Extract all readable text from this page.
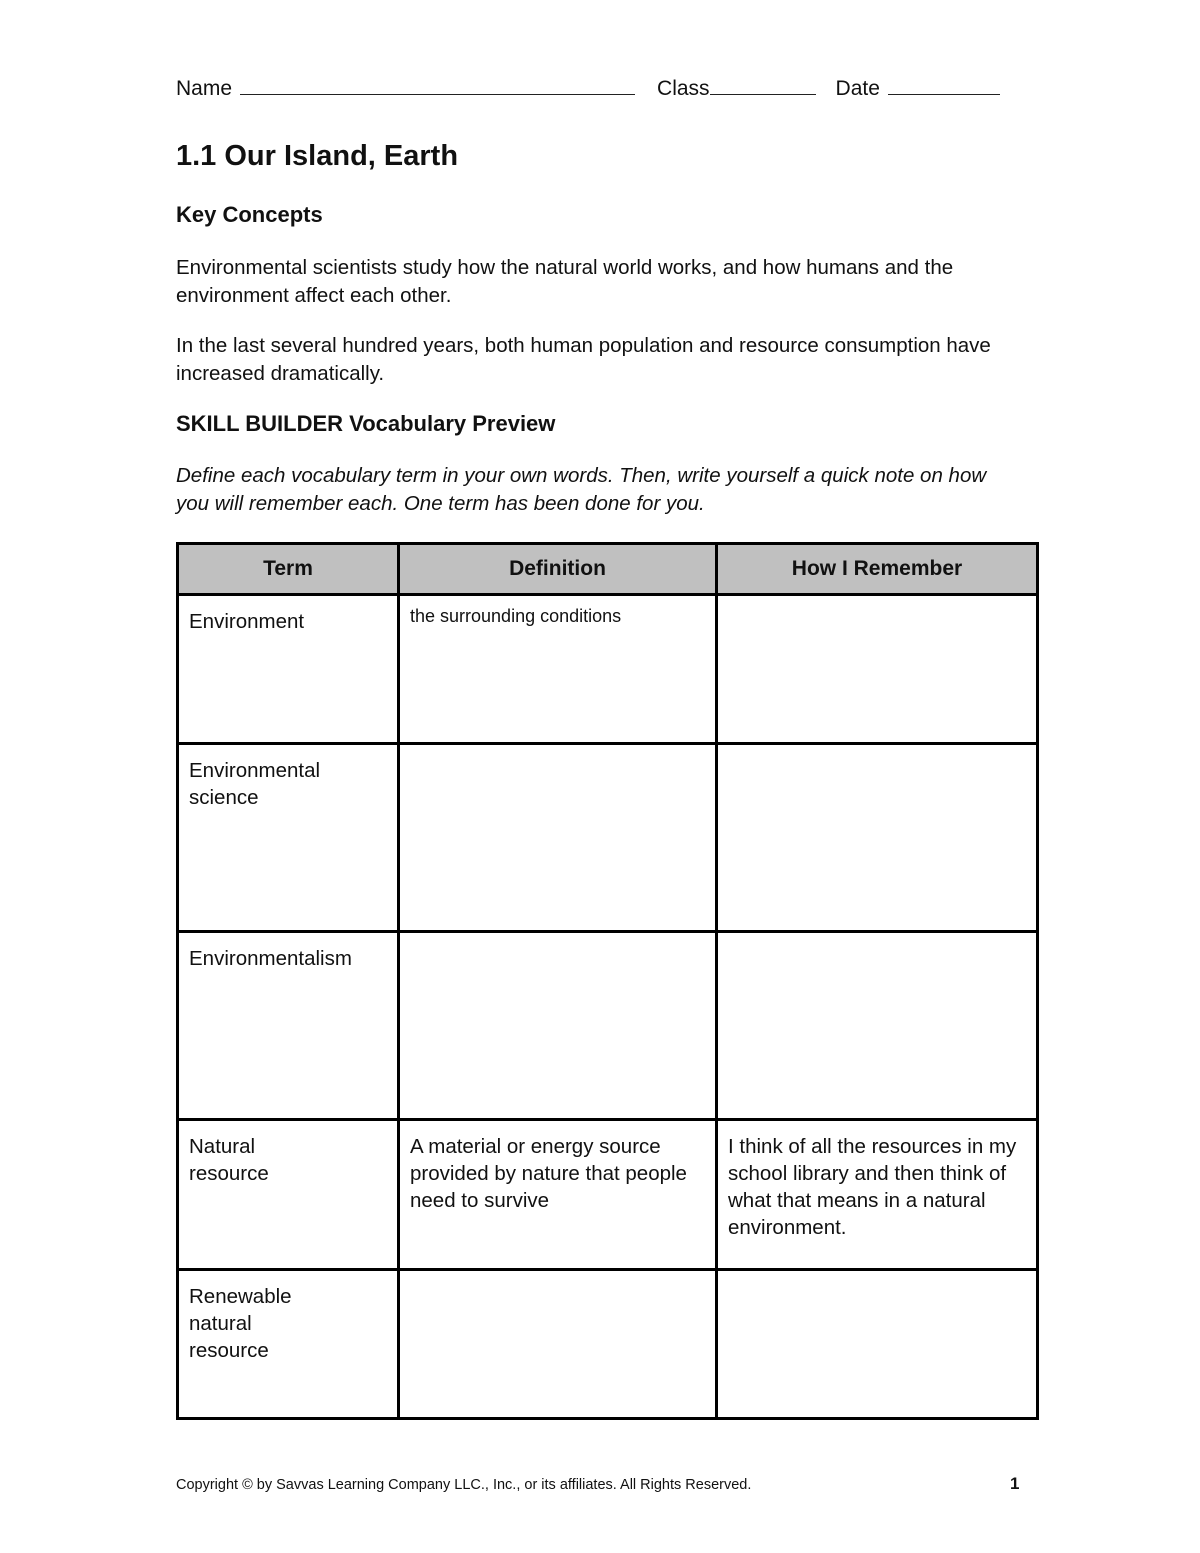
Name	Class	Date
1.1 Our Island, Earth
Key Concepts

Environmental scientists study how the natural world works, and how humans and the environment affect each other.

In the last several hundred years, both human population and resource consumption have increased dramatically.

SKILL BUILDER Vocabulary Preview

Define each vocabulary term in your own words. Then, write yourself a quick note on how you will remember each. One term has been done for you.

Term	Definition	How I Remember

Environment	the surrounding conditions	

Environmental science		

Environmentalism		

Natural resource	A material or energy source provided by nature that people need to survive	I think of all the resources in my school library and then think of what that means in a natural environment.

Renewable natural resource		

Copyright © by Savvas Learning Company LLC., Inc., or its affiliates. All Rights Reserved.	1
